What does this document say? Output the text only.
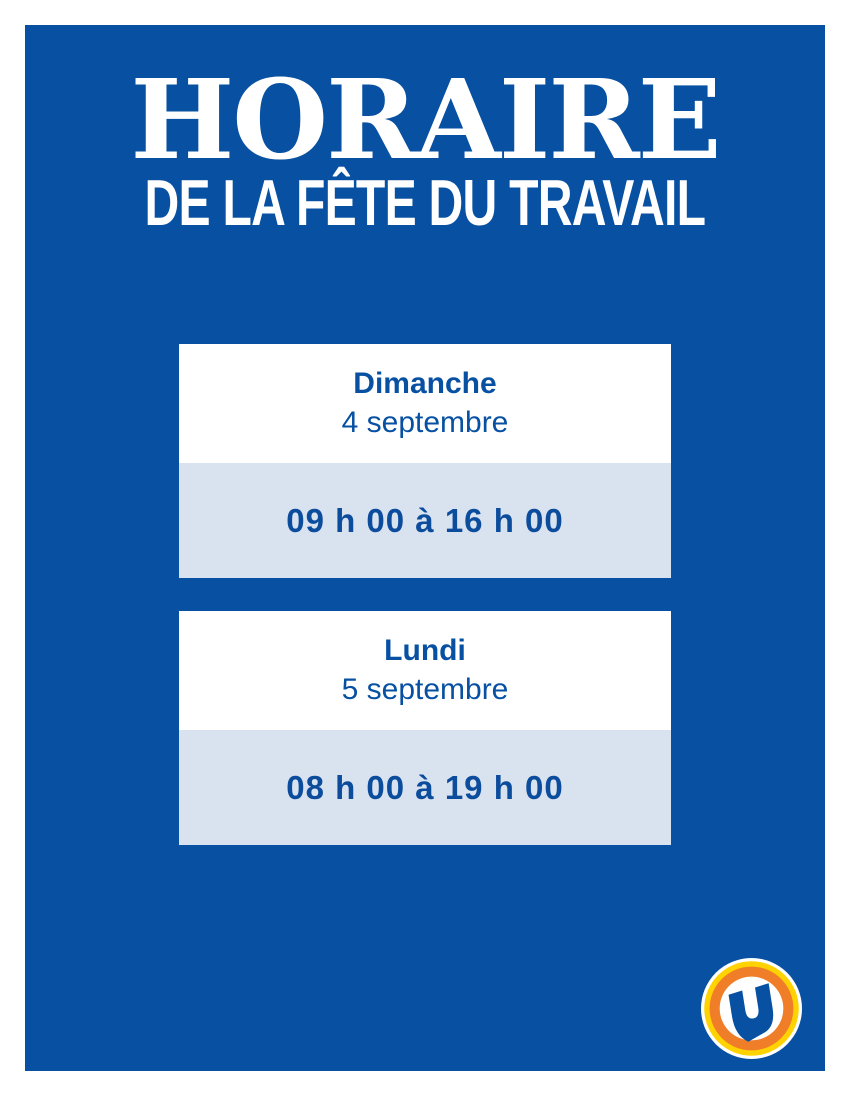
HORAIRE
DE LA FÊTE DU TRAVAIL
Dimanche
4 septembre
09 h 00 à 16 h 00
Lundi
5 septembre
08 h 00 à 19 h 00
